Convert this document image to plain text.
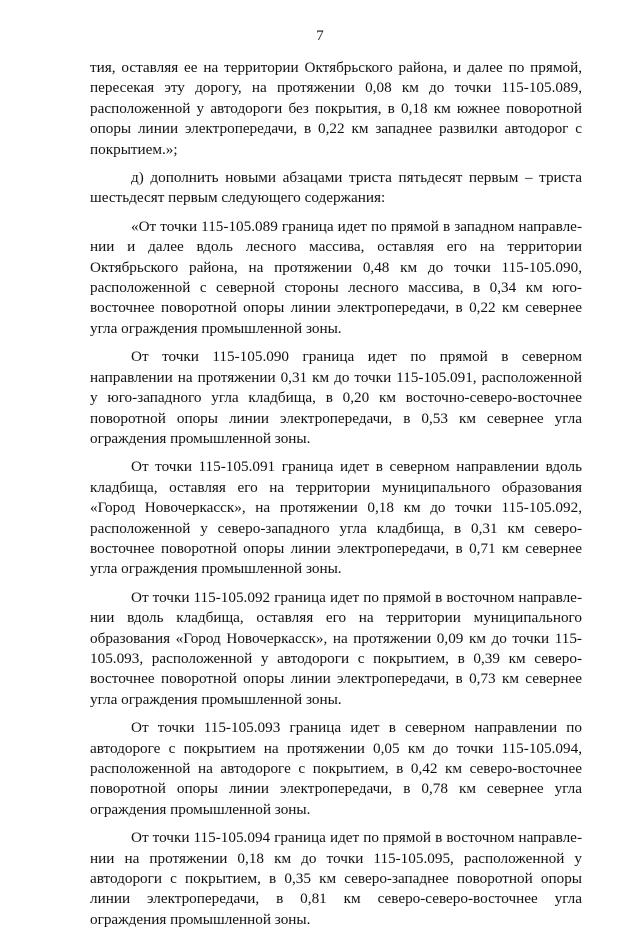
7

тия, оставляя ее на территории Октябрьского района, и далее по прямой, пересекая эту дорогу, на протяжении 0,08 км до точки 115-105.089, расположенной у автодороги без покрытия, в 0,18 км южнее поворотной опоры линии электропередачи, в 0,22 км западнее развилки автодорог с покрытием.»;

д) дополнить новыми абзацами триста пятьдесят первым – триста шестьдесят первым следующего содержания:

«От точки 115-105.089 граница идет по прямой в западном направлении и далее вдоль лесного массива, оставляя его на территории Октябрьского района, на протяжении 0,48 км до точки 115-105.090, расположенной с северной стороны лесного массива, в 0,34 км юго-восточнее поворотной опоры линии электропередачи, в 0,22 км севернее угла ограждения промышленной зоны.

От точки 115-105.090 граница идет по прямой в северном направлении на протяжении 0,31 км до точки 115-105.091, расположенной у юго-западного угла кладбища, в 0,20 км восточно-северо-восточнее поворотной опоры линии электропередачи, в 0,53 км севернее угла ограждения промышленной зоны.

От точки 115-105.091 граница идет в северном направлении вдоль кладбища, оставляя его на территории муниципального образования «Город Новочеркасск», на протяжении 0,18 км до точки 115-105.092, расположенной у северо-западного угла кладбища, в 0,31 км северо-восточнее поворотной опоры линии электропередачи, в 0,71 км севернее угла ограждения промышленной зоны.

От точки 115-105.092 граница идет по прямой в восточном направлении вдоль кладбища, оставляя его на территории муниципального образования «Город Новочеркасск», на протяжении 0,09 км до точки 115-105.093, расположенной у автодороги с покрытием, в 0,39 км северо-восточнее поворотной опоры линии электропередачи, в 0,73 км севернее угла ограждения промышленной зоны.

От точки 115-105.093 граница идет в северном направлении по автодороге с покрытием на протяжении 0,05 км до точки 115-105.094, расположенной на автодороге с покрытием, в 0,42 км северо-восточнее поворотной опоры линии электропередачи, в 0,78 км севернее угла ограждения промышленной зоны.

От точки 115-105.094 граница идет по прямой в восточном направлении на протяжении 0,18 км до точки 115-105.095, расположенной у автодороги с покрытием, в 0,35 км северо-западнее поворотной опоры линии электропередачи, в 0,81 км северо-северо-восточнее угла ограждения промышленной зоны.
